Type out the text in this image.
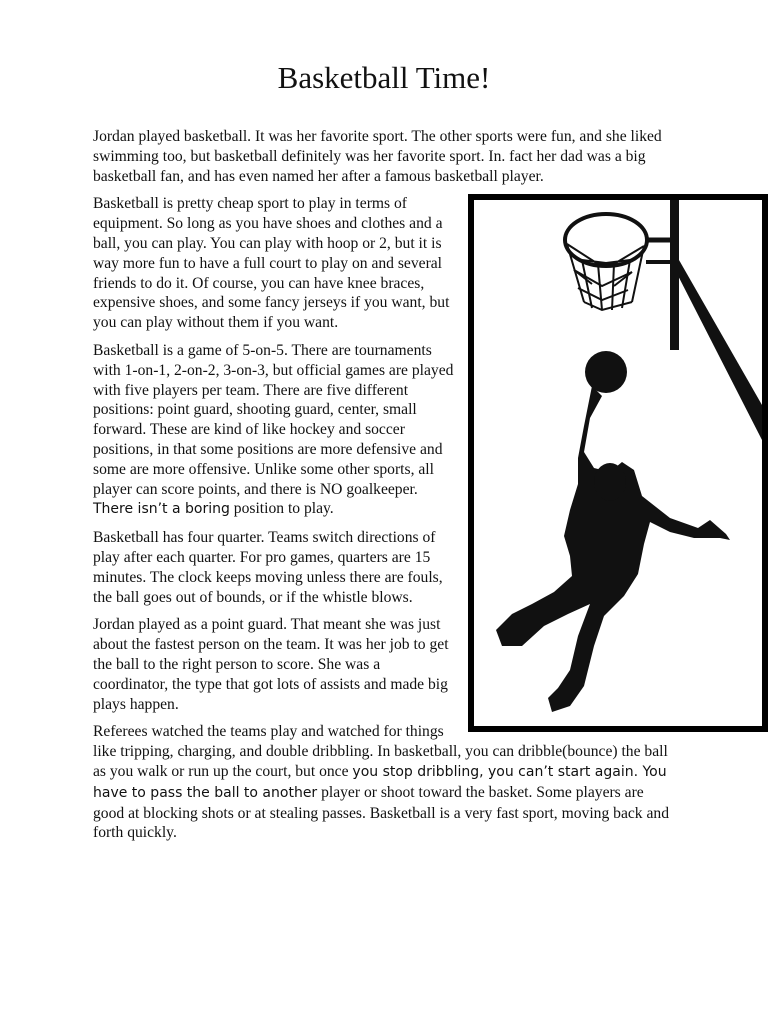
Basketball Time!

Jordan played basketball. It was her favorite sport. The other sports were fun, and she liked swimming too, but basketball definitely was her favorite sport. In. fact her dad was a big basketball fan, and has even named her after a famous basketball player.

Basketball is pretty cheap sport to play in terms of equipment. So long as you have shoes and clothes and a ball, you can play. You can play with hoop or 2, but it is way more fun to have a full court to play on and several friends to do it. Of course, you can have knee braces, expensive shoes, and some fancy jerseys if you want, but you can play without them if you want.

Basketball is a game of 5-on-5. There are tournaments with 1-on-1, 2-on-2, 3-on-3, but official games are played with five players per team. There are five different positions: point guard, shooting guard, center, small forward. These are kind of like hockey and soccer positions, in that some positions are more defensive and some are more offensive. Unlike some other sports, all player can score points, and there is NO goalkeeper. There isn’t a boring position to play.

Basketball has four quarter. Teams switch directions of play after each quarter. For pro games, quarters are 15 minutes. The clock keeps moving unless there are fouls, the ball goes out of bounds, or if the whistle blows.

Jordan played as a point guard. That meant she was just about the fastest person on the team. It was her job to get the ball to the right person to score. She was a coordinator, the type that got lots of assists and made big plays happen.

Referees watched the teams play and watched for things like tripping, charging, and double dribbling. In basketball, you can dribble(bounce) the ball as you walk or run up the court, but once you stop dribbling, you can’t start again. You have to pass the ball to another player or shoot toward the basket. Some players are good at blocking shots or at stealing passes. Basketball is a very fast sport, moving back and forth quickly.
